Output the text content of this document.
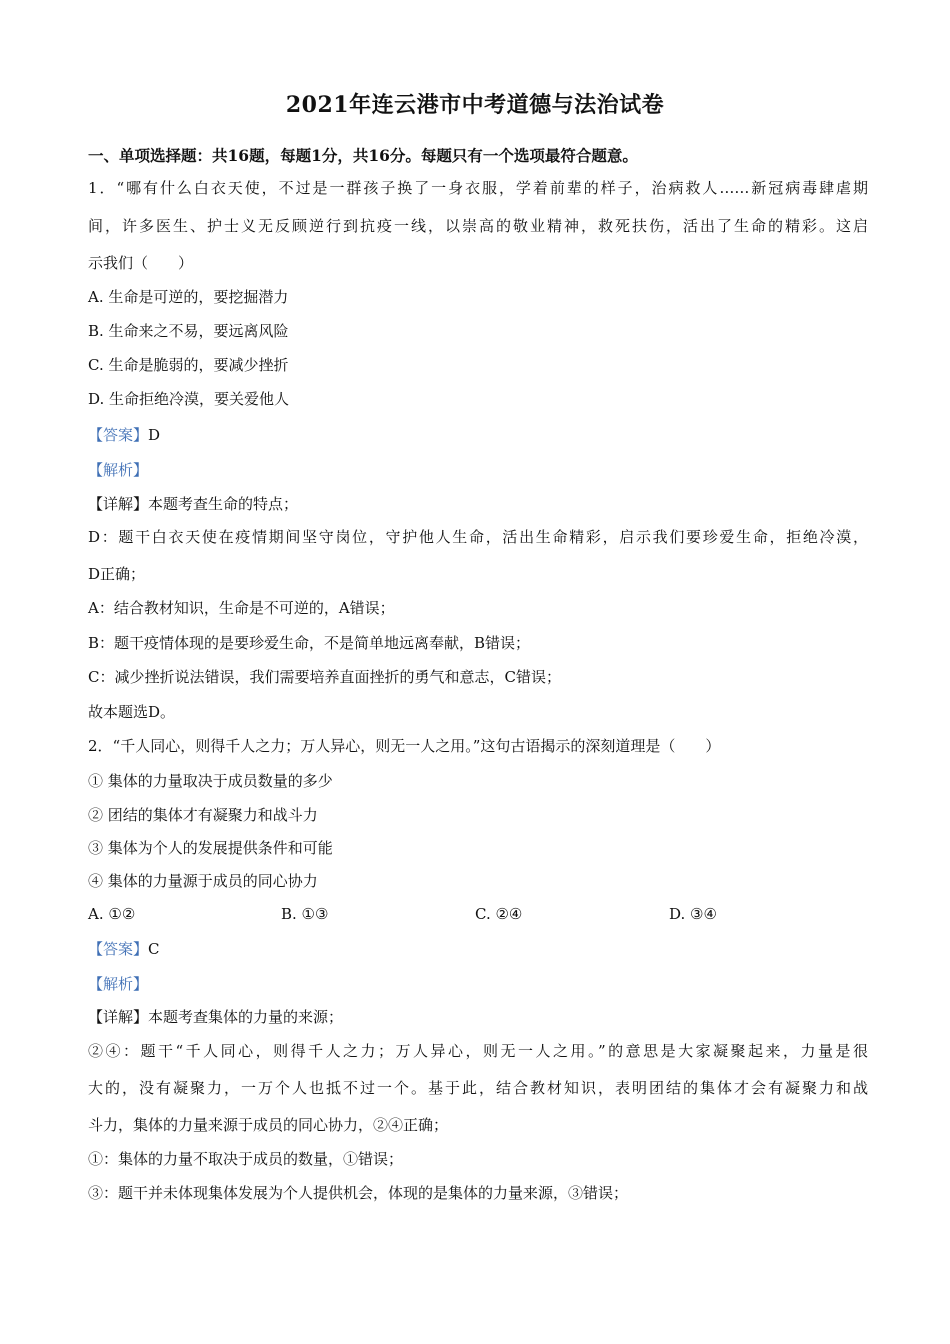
2021年连云港市中考道德与法治试卷
一、单项选择题：共16题，每题1分，共16分。每题只有一个选项最符合题意。
1．“哪有什么白衣天使，不过是一群孩子换了一身衣服，学着前辈的样子，治病救人……新冠病毒肆虐期
间，许多医生、护士义无反顾逆行到抗疫一线，以崇高的敬业精神，救死扶伤，活出了生命的精彩。这启
示我们（　　）
A. 生命是可逆的，要挖掘潜力
B. 生命来之不易，要远离风险
C. 生命是脆弱的，要减少挫折
D. 生命拒绝冷漠，要关爱他人
【答案】D
【解析】
【详解】本题考查生命的特点；
D：题干白衣天使在疫情期间坚守岗位，守护他人生命，活出生命精彩，启示我们要珍爱生命，拒绝冷漠，
D正确；
A：结合教材知识，生命是不可逆的，A错误；
B：题干疫情体现的是要珍爱生命，不是简单地远离奉献，B错误；
C：减少挫折说法错误，我们需要培养直面挫折的勇气和意志，C错误；
故本题选D。
2．“千人同心，则得千人之力；万人异心，则无一人之用。”这句古语揭示的深刻道理是（　　）
① 集体的力量取决于成员数量的多少
② 团结的集体才有凝聚力和战斗力
③ 集体为个人的发展提供条件和可能
④ 集体的力量源于成员的同心协力
A. ①②	B. ①③	C. ②④	D. ③④
【答案】C
【解析】
【详解】本题考查集体的力量的来源；
②④：题干“千人同心，则得千人之力；万人异心，则无一人之用。”的意思是大家凝聚起来，力量是很
大的，没有凝聚力，一万个人也抵不过一个。基于此，结合教材知识，表明团结的集体才会有凝聚力和战
斗力，集体的力量来源于成员的同心协力，②④正确；
①：集体的力量不取决于成员的数量，①错误；
③：题干并未体现集体发展为个人提供机会，体现的是集体的力量来源，③错误；
